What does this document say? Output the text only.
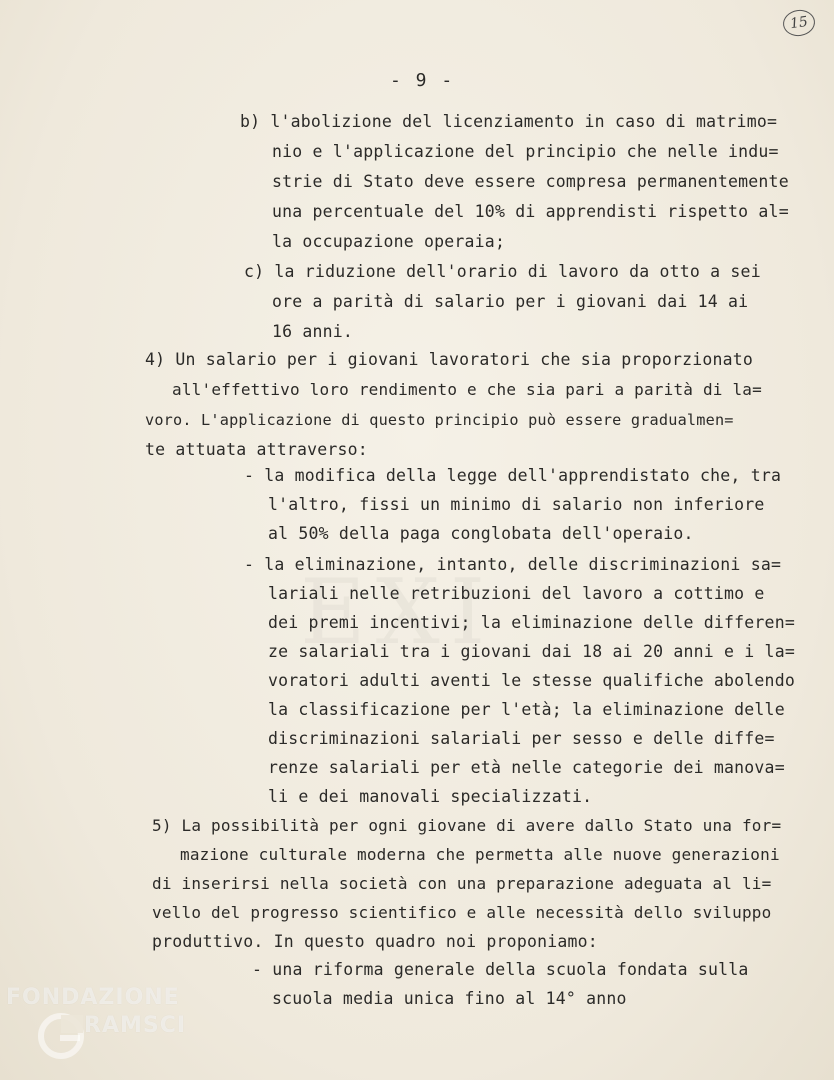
15
- 9 -
b) l'abolizione del licenziamento in caso di matrimo=
nio e l'applicazione del principio che nelle indu=
strie di Stato deve essere compresa permanentemente
una percentuale del 10% di apprendisti rispetto al=
la occupazione operaia;
c) la riduzione dell'orario di lavoro da otto a sei
ore a parità di salario per i giovani dai 14 ai
16 anni.
4) Un salario per i giovani lavoratori che sia proporzionato
all'effettivo loro rendimento e che sia pari a parità di la=
voro. L'applicazione di questo principio può essere gradualmen=
te attuata attraverso:
- la modifica della legge dell'apprendistato che, tra
l'altro, fissi un minimo di salario non inferiore
al 50% della paga conglobata dell'operaio.
- la eliminazione, intanto, delle discriminazioni sa=
lariali nelle retribuzioni del lavoro a cottimo e
dei premi incentivi; la eliminazione delle differen=
ze salariali tra i giovani dai 18 ai 20 anni e i la=
voratori adulti aventi le stesse qualifiche abolendo
la classificazione per l'età; la eliminazione delle
discriminazioni salariali per sesso e delle diffe=
renze salariali per età nelle categorie dei manova=
li e dei manovali specializzati.
5) La possibilità per ogni giovane di avere dallo Stato una for=
mazione culturale moderna che permetta alle nuove generazioni
di inserirsi nella società con una preparazione adeguata al li=
vello del progresso scientifico e alle necessità dello sviluppo
produttivo. In questo quadro noi proponiamo:
- una riforma generale della scuola fondata sulla
scuola media unica fino al 14° anno
FONDAZIONE
RAMSCI
